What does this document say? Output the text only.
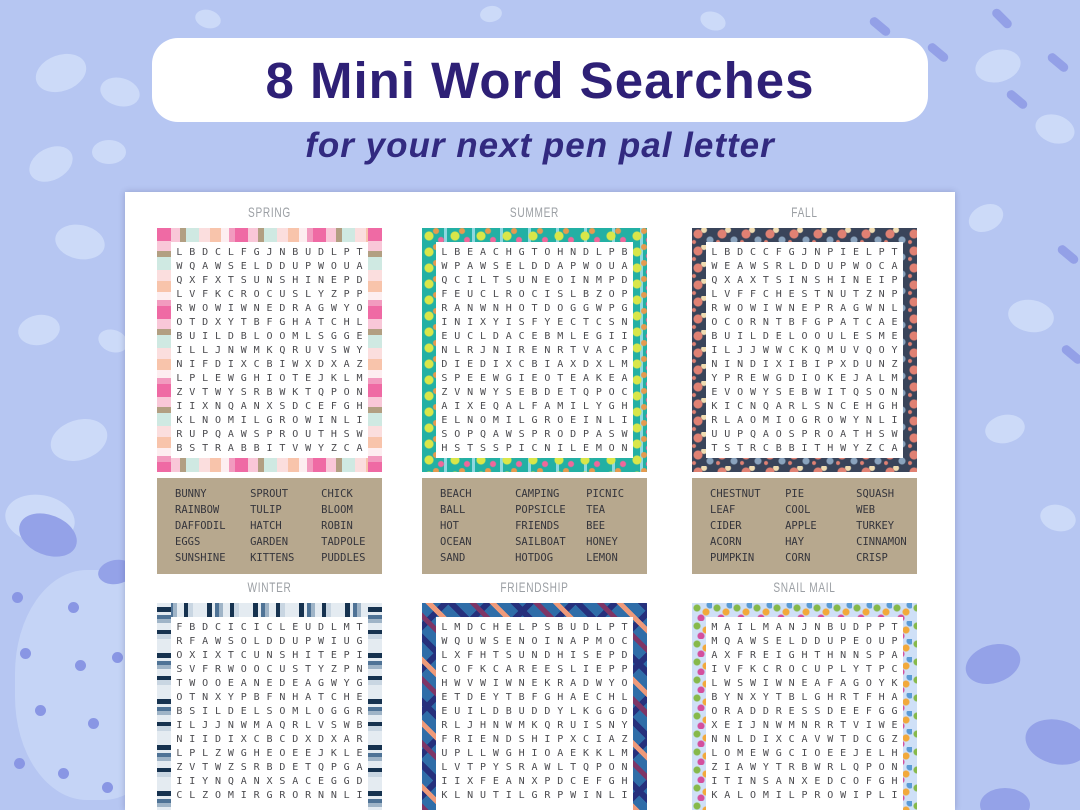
8 Mini Word Searches
for your next pen pal letter
SPRING
L B D C L F G J N B U D L P T
W Q A W S E L D D U P W O U A
Q X F X T S U N S H I N E P D
L V F K C R O C U S L Y Z P P
R W O W I W N E D R A G W Y O
O T D X Y T B F G H A T C H L
B U I L D B L O O M L S G G E
I L L J N W M K Q R U V S W Y
N I F D I X C B I W X D X A Z
L P L E W G H I O T E J K L M
Z V T W Y S R B W K T Q P O N
I I X N Q A N X S D C E F G H
K L N O M I L G R O W I N L I
R U P Q A W S P R O U T H S W
B S T R A B B I T V W Y Z C A
BUNNY	SPROUT	CHICK
RAINBOW	TULIP	BLOOM
DAFFODIL	HATCH	ROBIN
EGGS	GARDEN	TADPOLE
SUNSHINE	KITTENS	PUDDLES
SUMMER
L B E A C H G T O H N D L P B
W P A W S E L D D A P W O U A
Q C I L T S U N E O I N M P D
F E U C L R O C I S L B Z O P
R A N W N H O T D O G G W P G
I N I X Y I S F Y E C T C S N
E U C L D A C E B M L E G I I
N L R J N I R E N R T V A C P
D I E D I X C B I A X D X L M
S P E E W G I E O T E A K E A
Z V N W Y S E B D E T Q P O C
A I X E Q A L F A M I L Y G H
E L N O M I L G R O E I N L I
S O P Q A W S P R O D P A S W
H S T S S P I C N I L E M O N
BEACH	CAMPING	PICNIC
BALL	POPSICLE	TEA
HOT	FRIENDS	BEE
OCEAN	SAILBOAT	HONEY
SAND	HOTDOG	LEMON
FALL
L B D C C F G J N P I E L P T
W E A W S R L D D U P W O C A
Q X A X T S I N S H I N E I P
L V F F C H E S T N U T Z N P
R W O W I W N E P R A G W N L
O C O R N T B F G P A T C A E
B U I L D E L O O U L E S M E
I L J J W W C K Q M U V Q O Y
N I N D I X I B I P X D U N Z
Y P R E W G D I O K E J A L M
E V O W Y S E B W I T Q S O N
K I C N Q A R L S N C E H G H
R L A O M I O G R O W Y N L I
U U P Q A O S P R O A T H S W
T S T R C B B I T H W Y Z C A
CHESTNUT	PIE	SQUASH
LEAF	COOL	WEB
CIDER	APPLE	TURKEY
ACORN	HAY	CINNAMON
PUMPKIN	CORN	CRISP
WINTER
F B D C I C I C L E U D L M T
R F A W S O L D D U P W I U G
O X I X T C U N S H I T E P I
S V F R W O O C U S T Y Z P N
T W O O E A N E D E A G W Y G
O T N X Y P B F N H A T C H E
B S I L D E L S O M L O G G R
I L J J N W M A Q R L V S W B
N I I D I X C B C D X D X A R
L P L Z W G H E O E E J K L E
Z V T W Z S R B D E T Q P G A
I I Y N Q A N X S A C E G G D
C L Z O M I R G R O R N N L I
FRIENDSHIP
L M D C H E L P S B U D L P T
W Q U W S E N O I N A P M O C
L X F H T S U N D H I S E P D
C O F K C A R E E S L I E P P
H W V W I W N E K R A D W Y O
E T D E Y T B F G H A E C H L
E U I L D B U D D Y L K G G D
R L J H N W M K Q R U I S N Y
F R I E N D S H I P X C I A Z
U P L L W G H I O A E K K L M
L V T P Y S R A W L T Q P O N
I I X F E A N X P D C E F G H
K L N U T I L G R P W I N L I
SNAIL MAIL
M A I L M A N J N B U D P P T
M Q A W S E L D D U P E O U P
A X F R E I G H T H N N S P A
I V F K C R O C U P L Y T P C
L W S W I W N E A F A G O Y K
B Y N X Y T B L G H R T F H A
O R A D D R E S S D E E F G G
X E I J N W M N R R T V I W E
N N L D I X C A V W T D C G Z
L O M E W G C I O E E J E L H
Z I A W Y T R B W R L Q P O N
I T I N S A N X E D C O F G H
K A L O M I L P R O W I P L I
